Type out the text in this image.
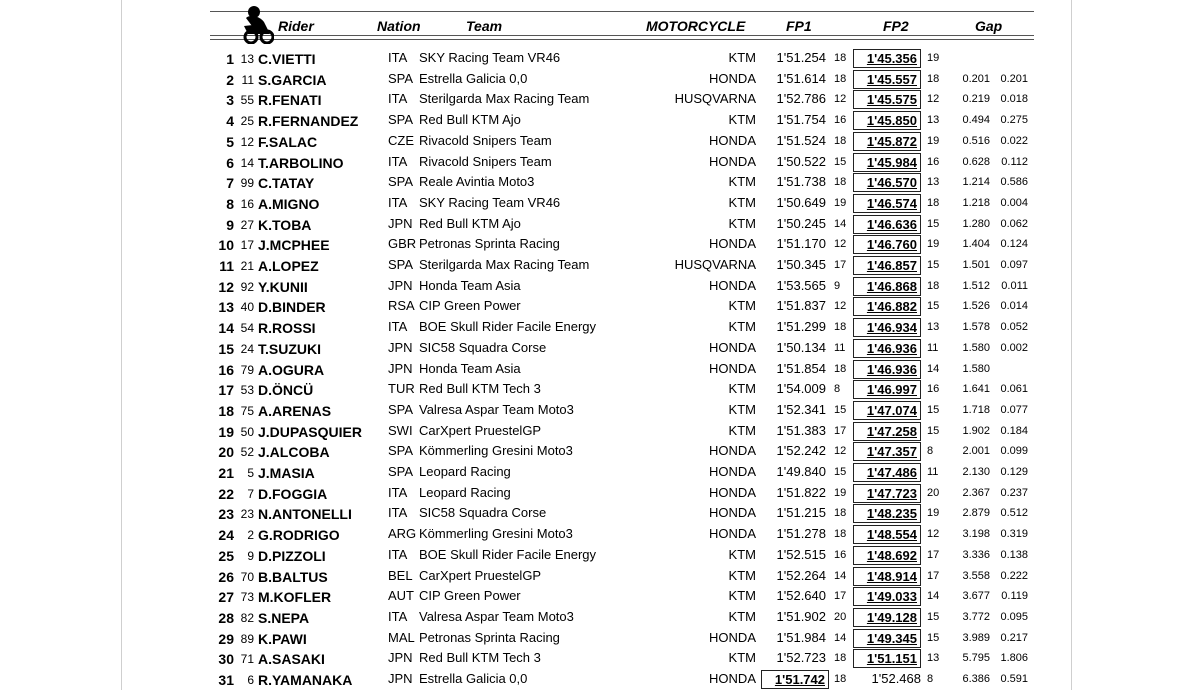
Rider	Nation	Team	MOTORCYCLE	FP1	FP2	Gap
1 13 C.VIETTI	ITA SKY Racing Team VR46	KTM	1'51.254 18	1'45.356 19
2 11 S.GARCIA	SPA Estrella Galicia 0,0	HONDA	1'51.614 18	1'45.557 18	0.201 0.201
3 55 R.FENATI	ITA Sterilgarda Max Racing Team	HUSQVARNA	1'52.786 12	1'45.575 12	0.219 0.018
4 25 R.FERNANDEZ SPA Red Bull KTM Ajo	KTM	1'51.754 16	1'45.850 13	0.494 0.275
5 12 F.SALAC	CZE Rivacold Snipers Team	HONDA	1'51.524 18	1'45.872 19	0.516 0.022
6 14 T.ARBOLINO	ITA Rivacold Snipers Team	HONDA	1'50.522 15	1'45.984 16	0.628	0.112
7 99 C.TATAY	SPA Reale Avintia Moto3	KTM	1'51.738 18	1'46.570 13	1.214 0.586
8 16 A.MIGNO	ITA SKY Racing Team VR46	KTM	1'50.649 19	1'46.574 18	1.218 0.004
9 27 K.TOBA	JPN Red Bull KTM Ajo	KTM	1'50.245 14	1'46.636 15	1.280 0.062
10 17 J.MCPHEE	GBR Petronas Sprinta Racing	HONDA	1'51.170 12	1'46.760 19	1.404 0.124
11 21 A.LOPEZ	SPA Sterilgarda Max Racing Team	HUSQVARNA	1'50.345 17	1'46.857 15	1.501 0.097
12 92 Y.KUNII	JPN Honda Team Asia	HONDA	1'53.565 9	1'46.868 18	1.512	0.011
13 40 D.BINDER	RSA CIP Green Power	KTM	1'51.837 12	1'46.882 15	1.526 0.014
14 54 R.ROSSI	ITA BOE Skull Rider Facile Energy	KTM	1'51.299 18	1'46.934 13	1.578 0.052
15 24 T.SUZUKI	JPN SIC58 Squadra Corse	HONDA	1'50.134 11	1'46.936 11	1.580 0.002
16 79 A.OGURA	JPN Honda Team Asia	HONDA	1'51.854 18	1'46.936 14	1.580
17 53 D.ÖNCÜ	TUR Red Bull KTM Tech 3	KTM	1'54.009 8	1'46.997 16	1.641 0.061
18 75 A.ARENAS	SPA Valresa Aspar Team Moto3	KTM	1'52.341 15	1'47.074 15	1.718 0.077
19 50 J.DUPASQUIER SWI CarXpert PruestelGP	KTM	1'51.383 17	1'47.258 15	1.902 0.184
20 52 J.ALCOBA	SPA Kömmerling Gresini Moto3	HONDA	1'52.242 12	1'47.357 8	2.001 0.099
21	5 J.MASIA	SPA Leopard Racing	HONDA	1'49.840 15	1'47.486 11	2.130 0.129
22	7 D.FOGGIA	ITA Leopard Racing	HONDA	1'51.822 19	1'47.723 20	2.367 0.237
23 23 N.ANTONELLI	ITA SIC58 Squadra Corse	HONDA	1'51.215 18	1'48.235 19	2.879 0.512
24	2 G.RODRIGO	ARG Kömmerling Gresini Moto3	HONDA	1'51.278 18	1'48.554 12	3.198 0.319
25	9 D.PIZZOLI	ITA BOE Skull Rider Facile Energy	KTM	1'52.515 16	1'48.692 17	3.336 0.138
26 70 B.BALTUS	BEL CarXpert PruestelGP	KTM	1'52.264 14	1'48.914 17	3.558 0.222
27 73 M.KOFLER	AUT CIP Green Power	KTM	1'52.640 17	1'49.033 14	3.677	0.119
28 82 S.NEPA	ITA Valresa Aspar Team Moto3	KTM	1'51.902 20	1'49.128 15	3.772 0.095
29 89 K.PAWI	MAL Petronas Sprinta Racing	HONDA	1'51.984 14	1'49.345 15	3.989 0.217
30 71 A.SASAKI	JPN Red Bull KTM Tech 3	KTM	1'52.723 18	1'51.151 13	5.795 1.806
31	6 R.YAMANAKA	JPN Estrella Galicia 0,0	HONDA	1'51.742 18	1'52.468 8	6.386 0.591
